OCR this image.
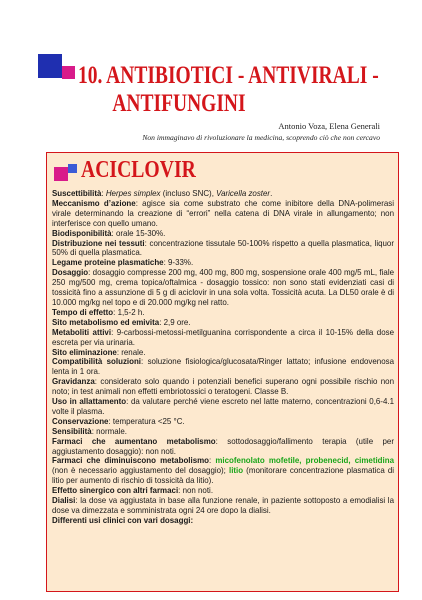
10. ANTIBIOTICI - ANTIVIRALI -
ANTIFUNGINI
Antonio Voza, Elena Generali
Non immaginavo di rivoluzionare la medicina, scoprendo ciò che non cercavo
ACICLOVIR

Suscettibilità: Herpes simplex (incluso SNC), Varicella zoster.

Meccanismo d’azione: agisce sia come substrato che come inibitore della DNA-polimerasi virale determinando la creazione di “errori” nella catena di DNA virale in allungamento; non interferisce con quello umano.

Biodisponibilità: orale 15-30%.

Distribuzione nei tessuti: concentrazione tissutale 50-100% rispetto a quella plasmatica, liquor 50% di quella plasmatica.

Legame proteine plasmatiche: 9-33%.

Dosaggio: dosaggio compresse 200 mg, 400 mg, 800 mg, sospensione orale 400 mg/5 mL, fiale 250 mg/500 mg, crema topica/oftalmica - dosaggio tossico: non sono stati evidenziati casi di tossicità fino a assunzione di 5 g di aciclovir in una sola volta. Tossicità acuta. La DL50 orale è di 10.000 mg/kg nel topo e di 20.000 mg/kg nel ratto.

Tempo di effetto: 1,5-2 h.

Sito metabolismo ed emivita: 2,9 ore.

Metaboliti attivi: 9-carbossi-metossi-metilguanina corrispondente a circa il 10-15% della dose escreta per via urinaria.

Sito eliminazione: renale.

Compatibilità soluzioni: soluzione fisiologica/glucosata/Ringer lattato; infusione endovenosa lenta in 1 ora.

Gravidanza: considerato solo quando i potenziali benefici superano ogni possibile rischio non noto; in test animali non effetti embriotossici o teratogeni. Classe B.

Uso in allattamento: da valutare perché viene escreto nel latte materno, concentrazioni 0,6-4.1 volte il plasma.

Conservazione: temperatura <25 °C.

Sensibilità: normale.

Farmaci che aumentano metabolismo: sottodosaggio/fallimento terapia (utile per aggiustamento dosaggio): non noti.

Farmaci che diminuiscono metabolismo: micofenolato mofetile, probenecid, cimetidina (non è necessario aggiustamento del dosaggio); litio (monitorare concentrazione plasmatica di litio per aumento di rischio di tossicità da litio).

Effetto sinergico con altri farmaci: non noti.

Dialisi: la dose va aggiustata in base alla funzione renale, in paziente sottoposto a emodialisi la dose va dimezzata e somministrata ogni 24 ore dopo la dialisi.

Differenti usi clinici con vari dosaggi:
